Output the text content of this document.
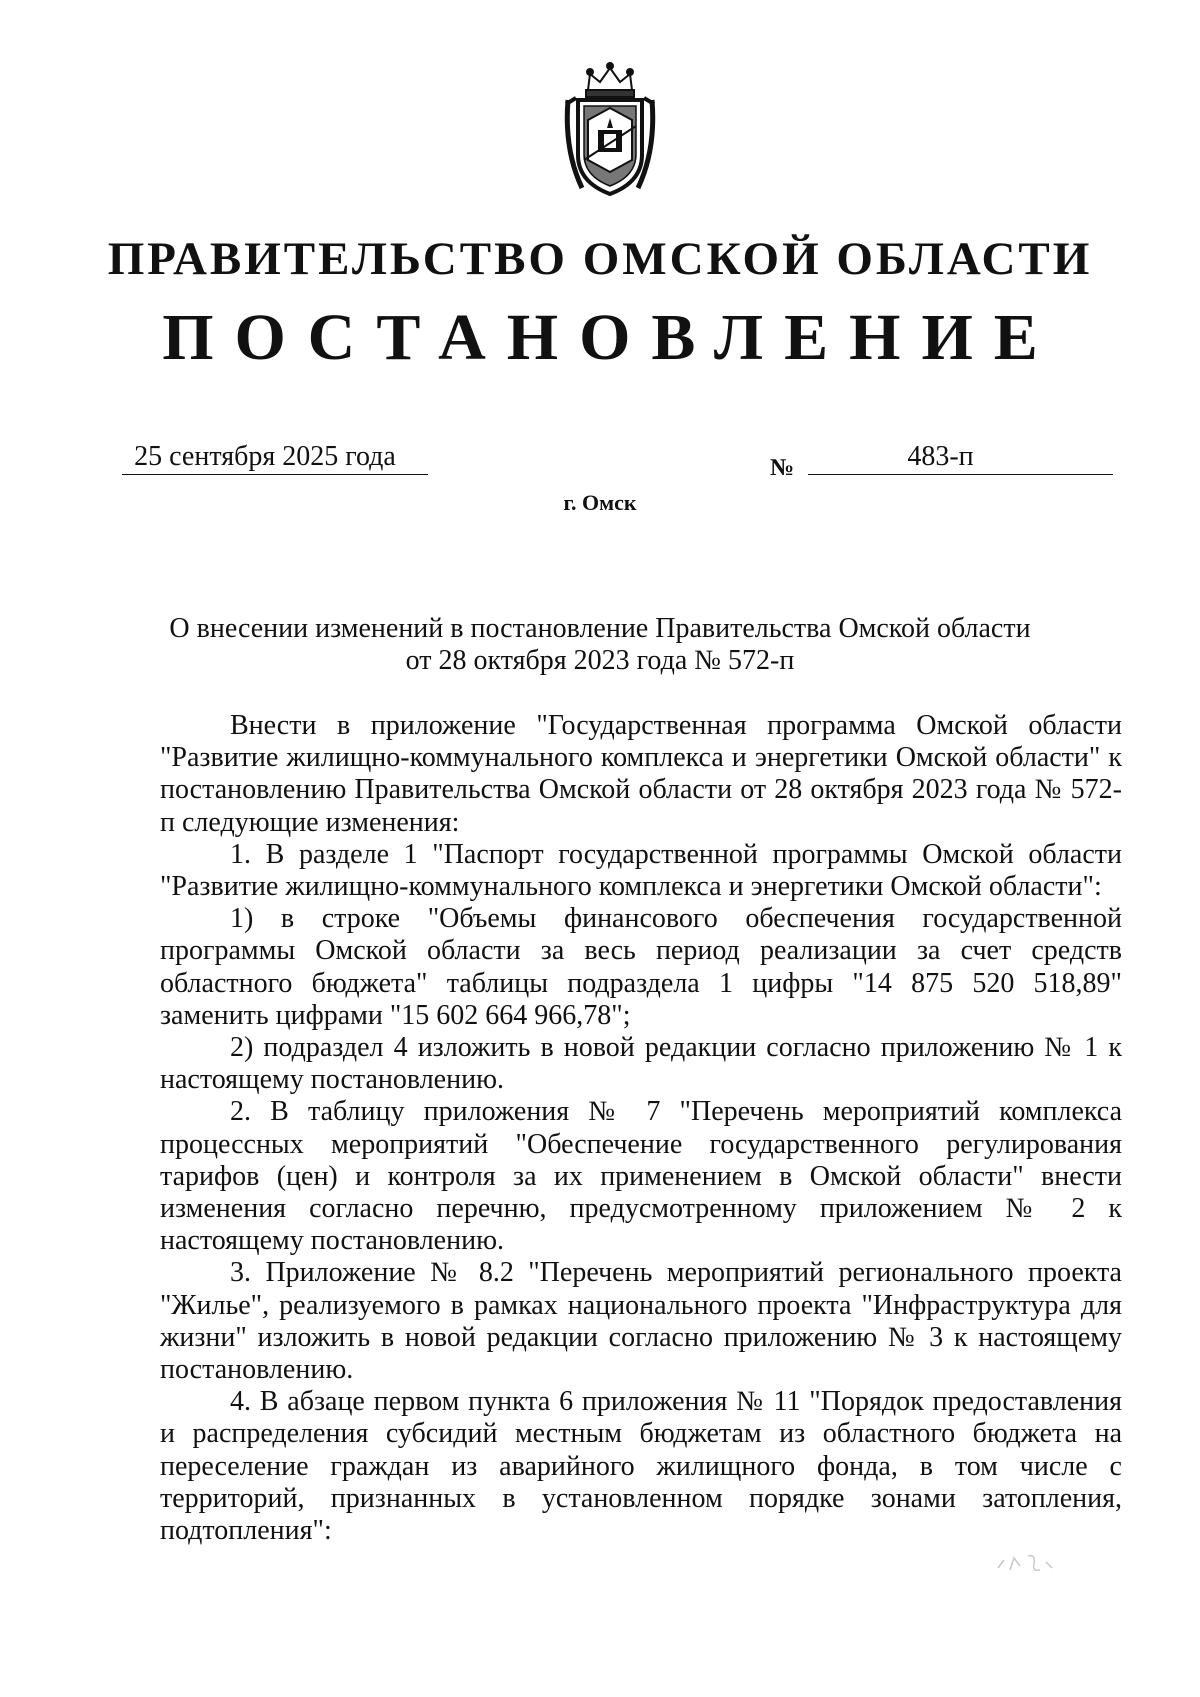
ПРАВИТЕЛЬСТВО ОМСКОЙ ОБЛАСТИ
ПОСТАНОВЛЕНИЕ
25 сентября 2025 года	№	483-п
г. Омск
О внесении изменений в постановление Правительства Омской области
от 28 октября 2023 года № 572-п

Внести в приложение "Государственная программа Омской области "Развитие жилищно-коммунального комплекса и энергетики Омской области" к постановлению Правительства Омской области от 28 октября 2023 года № 572-п следующие изменения:

1. В разделе 1 "Паспорт государственной программы Омской области "Развитие жилищно-коммунального комплекса и энергетики Омской области":

1) в строке "Объемы финансового обеспечения государственной программы Омской области за весь период реализации за счет средств областного бюджета" таблицы подраздела 1 цифры "14 875 520 518,89" заменить цифрами "15 602 664 966,78";

2) подраздел 4 изложить в новой редакции согласно приложению № 1 к настоящему постановлению.

2. В таблицу приложения № 7 "Перечень мероприятий комплекса процессных мероприятий "Обеспечение государственного регулирования тарифов (цен) и контроля за их применением в Омской области" внести изменения согласно перечню, предусмотренному приложением № 2 к настоящему постановлению.

3. Приложение № 8.2 "Перечень мероприятий регионального проекта "Жилье", реализуемого в рамках национального проекта "Инфраструктура для жизни" изложить в новой редакции согласно приложению № 3 к настоящему постановлению.

4. В абзаце первом пункта 6 приложения № 11 "Порядок предоставления и распределения субсидий местным бюджетам из областного бюджета на переселение граждан из аварийного жилищного фонда, в том числе с территорий, признанных в установленном порядке зонами затопления, подтопления":
